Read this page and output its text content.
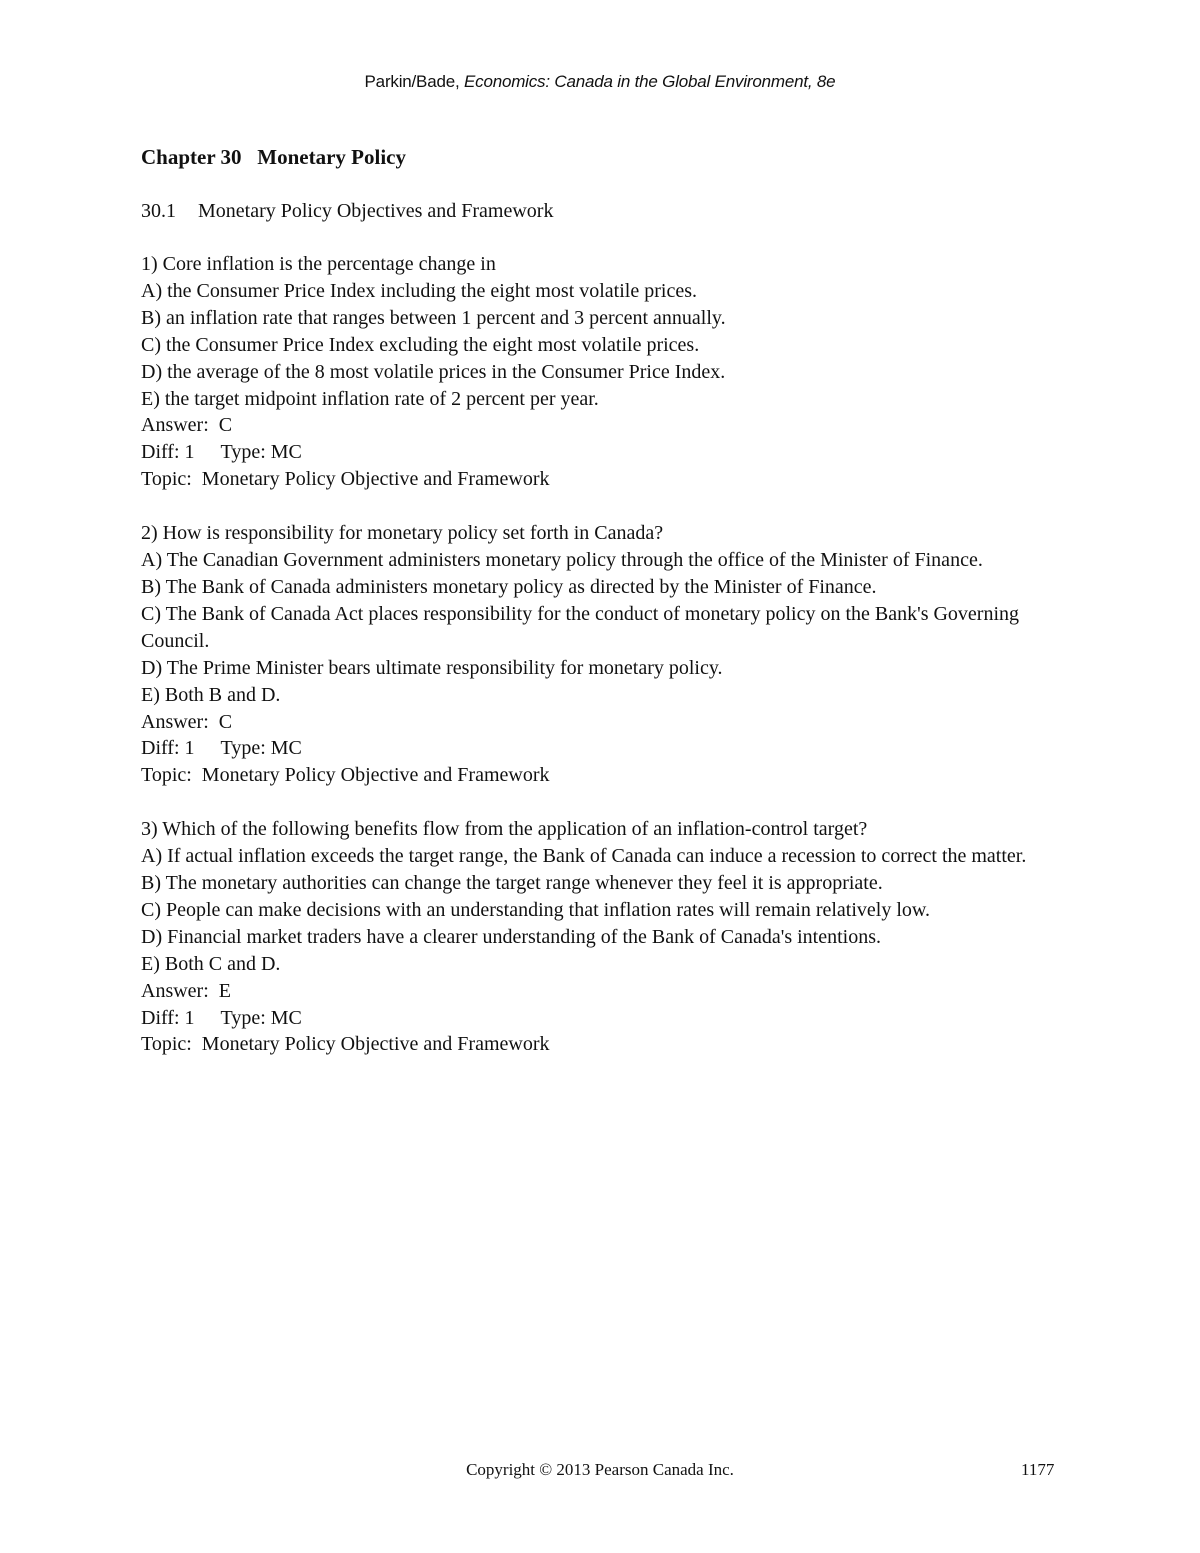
Parkin/Bade, Economics: Canada in the Global Environment, 8e
Chapter 30   Monetary Policy
30.1 Monetary Policy Objectives and Framework
1) Core inflation is the percentage change in
A) the Consumer Price Index including the eight most volatile prices.
B) an inflation rate that ranges between 1 percent and 3 percent annually.
C) the Consumer Price Index excluding the eight most volatile prices.
D) the average of the 8 most volatile prices in the Consumer Price Index.
E) the target midpoint inflation rate of 2 percent per year.
Answer:  C
Diff: 1 Type: MC
Topic:  Monetary Policy Objective and Framework
2) How is responsibility for monetary policy set forth in Canada?
A) The Canadian Government administers monetary policy through the office of the Minister of Finance.
B) The Bank of Canada administers monetary policy as directed by the Minister of Finance.
C) The Bank of Canada Act places responsibility for the conduct of monetary policy on the Bank's Governing Council.
D) The Prime Minister bears ultimate responsibility for monetary policy.
E) Both B and D.
Answer:  C
Diff: 1 Type: MC
Topic:  Monetary Policy Objective and Framework
3) Which of the following benefits flow from the application of an inflation-control target?
A) If actual inflation exceeds the target range, the Bank of Canada can induce a recession to correct the matter.
B) The monetary authorities can change the target range whenever they feel it is appropriate.
C) People can make decisions with an understanding that inflation rates will remain relatively low.
D) Financial market traders have a clearer understanding of the Bank of Canada's intentions.
E) Both C and D.
Answer:  E
Diff: 1 Type: MC
Topic:  Monetary Policy Objective and Framework
Copyright © 2013 Pearson Canada Inc.	1177
